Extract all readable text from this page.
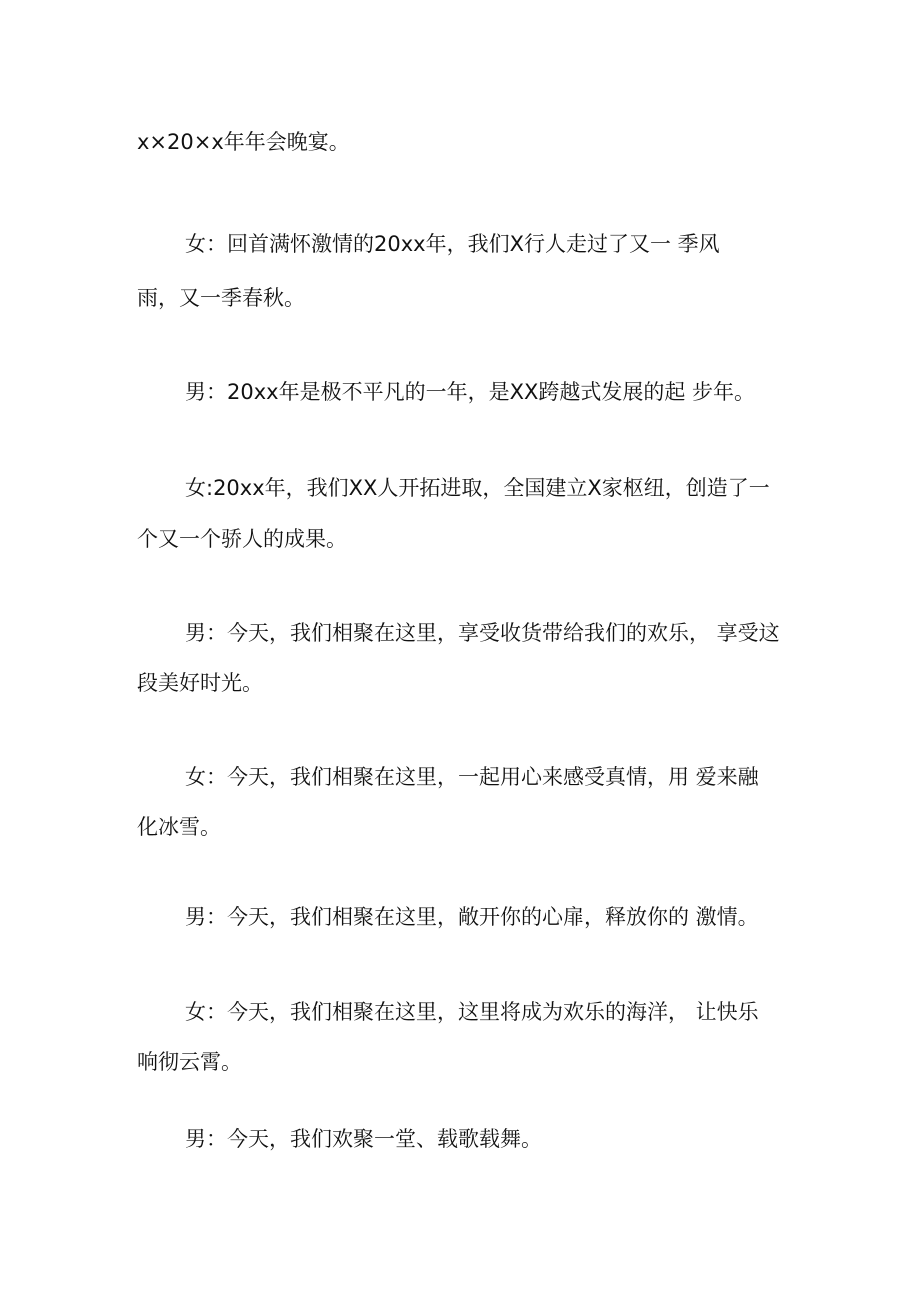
x×20×x年年会晚宴。

女：回首满怀激情的20xx年，我们X行人走过了又一 季风

雨，又一季春秋。

男：20xx年是极不平凡的一年，是XX跨越式发展的起 步年。

女:20xx年，我们XX人开拓进取，全国建立X家枢纽，创造了一

个又一个骄人的成果。

男：今天，我们相聚在这里，享受收货带给我们的欢乐， 享受这

段美好时光。

女：今天，我们相聚在这里，一起用心来感受真情，用 爱来融

化冰雪。

男：今天，我们相聚在这里，敞开你的心扉，释放你的 激情。

女：今天，我们相聚在这里，这里将成为欢乐的海洋， 让快乐

响彻云霄。

男：今天，我们欢聚一堂、载歌载舞。
